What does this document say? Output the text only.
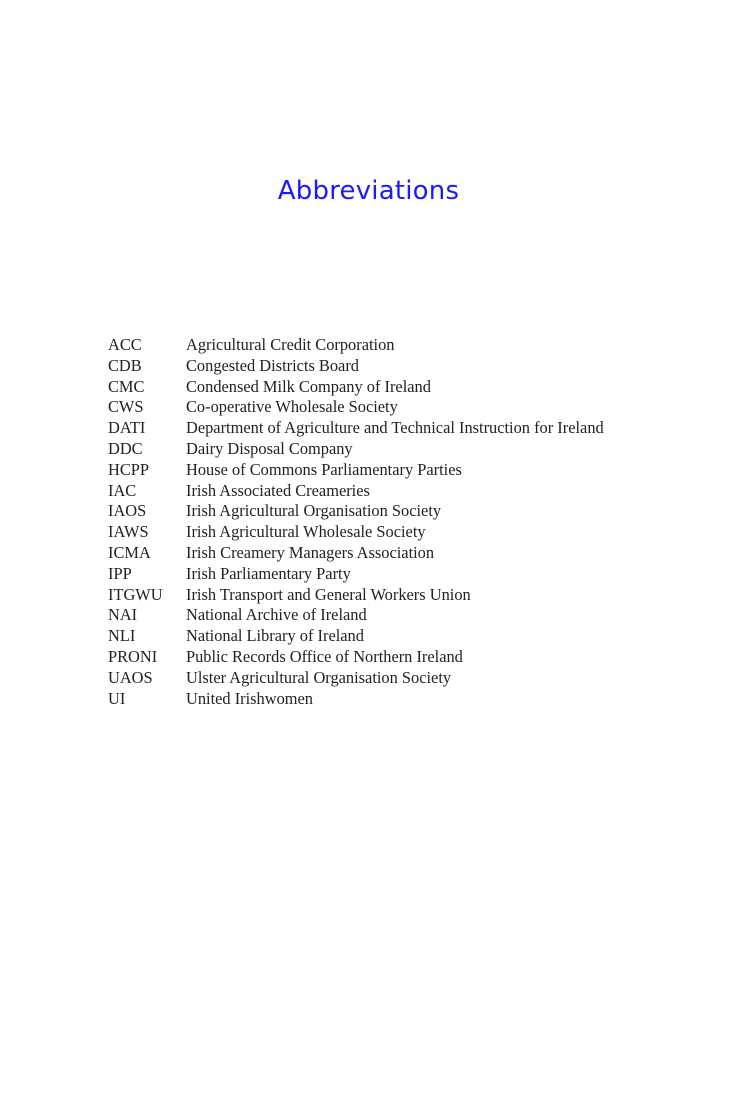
Abbreviations
ACC	Agricultural Credit Corporation
CDB	Congested Districts Board
CMC	Condensed Milk Company of Ireland
CWS	Co-operative Wholesale Society
DATI	Department of Agriculture and Technical Instruction for Ireland
DDC	Dairy Disposal Company
HCPP	House of Commons Parliamentary Parties
IAC	Irish Associated Creameries
IAOS	Irish Agricultural Organisation Society
IAWS	Irish Agricultural Wholesale Society
ICMA	Irish Creamery Managers Association
IPP	Irish Parliamentary Party
ITGWU	Irish Transport and General Workers Union
NAI	National Archive of Ireland
NLI	National Library of Ireland
PRONI	Public Records Office of Northern Ireland
UAOS	Ulster Agricultural Organisation Society
UI	United Irishwomen
